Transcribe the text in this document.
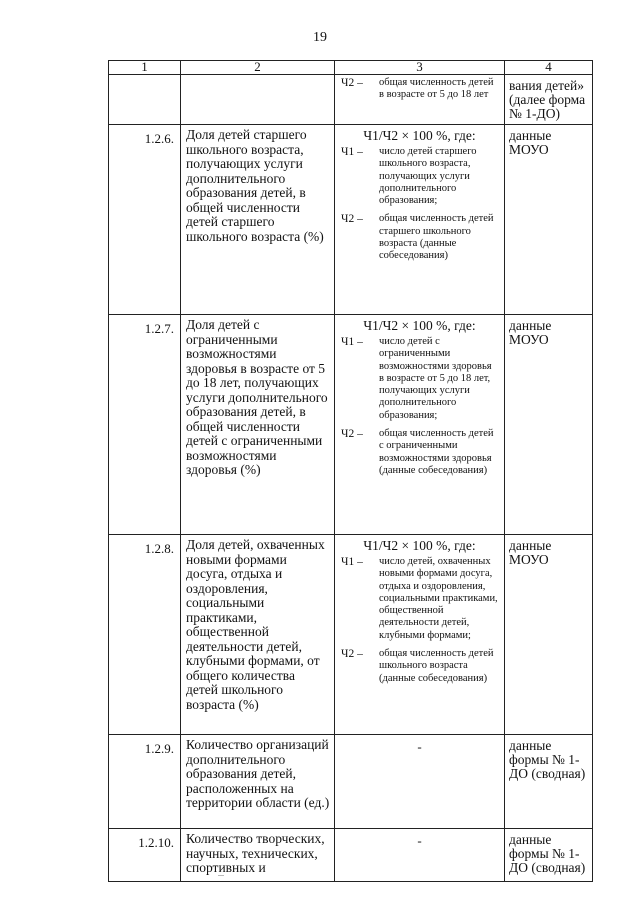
19
1	2	3	4

		Ч2 – общая численность детей в возрасте от 5 до 18 лет	вания детей» (далее форма № 1-ДО)
1.2.6.	Доля детей старшего школьного возраста, получающих услуги дополнительного образования детей, в общей численности детей старшего школьного возраста (%)	Ч1/Ч2 × 100 %, где:
Ч1 – число детей старшего школьного возраста, получающих услуги дополнительного образования;
Ч2 – общая численность детей старшего школьного возраста (данные собеседования)	данные МОУО
1.2.7.	Доля детей с ограниченными возможностями здоровья в возрасте от 5 до 18 лет, получающих услуги дополнительного образования детей, в общей численности детей с ограниченными возможностями здоровья (%)	Ч1/Ч2 × 100 %, где:
Ч1 – число детей с ограниченными возможностями здоровья в возрасте от 5 до 18 лет, получающих услуги дополнительного образования;
Ч2 – общая численность детей с ограниченными возможностями здоровья (данные собеседования)	данные МОУО
1.2.8.	Доля детей, охваченных новыми формами досуга, отдыха и оздоровления, социальными практиками, общественной деятельности детей, клубными формами, от общего количества детей школьного возраста (%)	Ч1/Ч2 × 100 %, где:
Ч1 – число детей, охваченных новыми формами досуга, отдыха и оздоровления, социальными практиками, общественной деятельности детей, клубными формами;
Ч2 – общая численность детей школьного возраста (данные собеседования)	данные МОУО
1.2.9.	Количество организаций дополнительного образования детей, расположенных на территории области (ед.)	-	данные формы № 1-ДО (сводная)
1.2.10.	Количество творческих, научных, технических, спортивных и	-	данные формы № 1-ДО (сводная)
